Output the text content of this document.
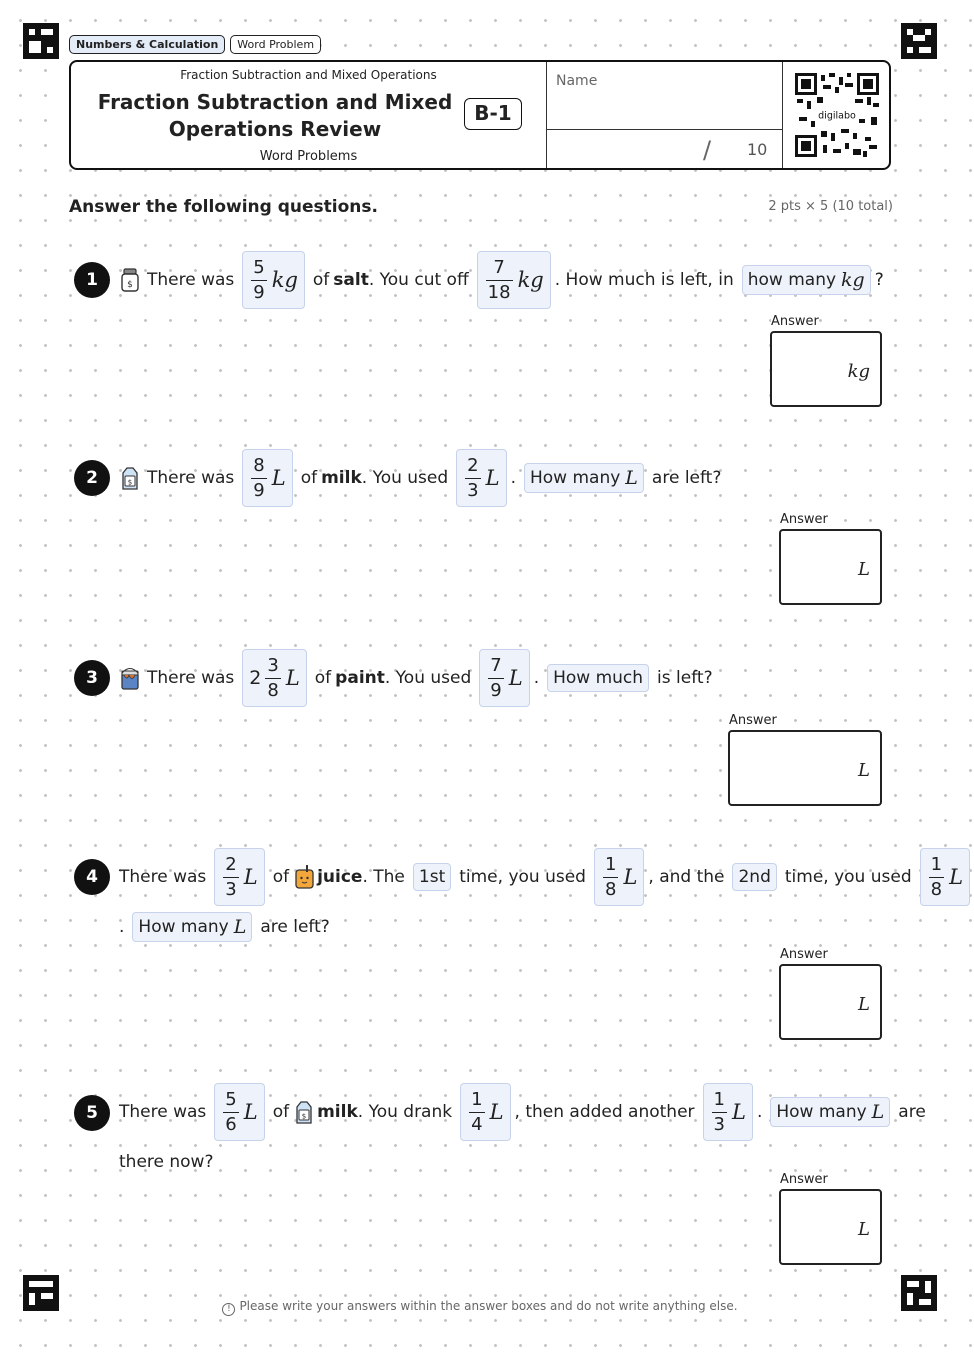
Numbers & Calculation	Word Problem
Fraction Subtraction and Mixed Operations
Fraction Subtraction and Mixed
Operations Review
B-1
Word Problems
Name
/ 10
digilabo
Answer the following questions.	2 pts × 5 (10 total)
1	$ There was $\frac{5}{9}$ kg of salt . You cut off $\frac{7}{18}$ kg . How much is left, in how many kg ?
Answer
kg
2	$ There was $\frac{8}{9}$ L of milk . You used $\frac{2}{3}$ L . How many L are left?
Answer
L
3	There was $2 \frac{3}{8}$ L of paint . You used $\frac{7}{9}$ L . How much is left?
Answer
L
4	There was $\frac{2}{3}$ L of juice . The 1st time, you used $\frac{1}{8}$ L , and the 2nd time, you used $\frac{1}{8}$ L
. How many L are left?
Answer
L
5	There was $\frac{5}{6}$ L of $ milk . You drank $\frac{1}{4}$ L , then added another $\frac{1}{3}$ L . How many L are
there now?
Answer
L
! Please write your answers within the answer boxes and do not write anything else.
